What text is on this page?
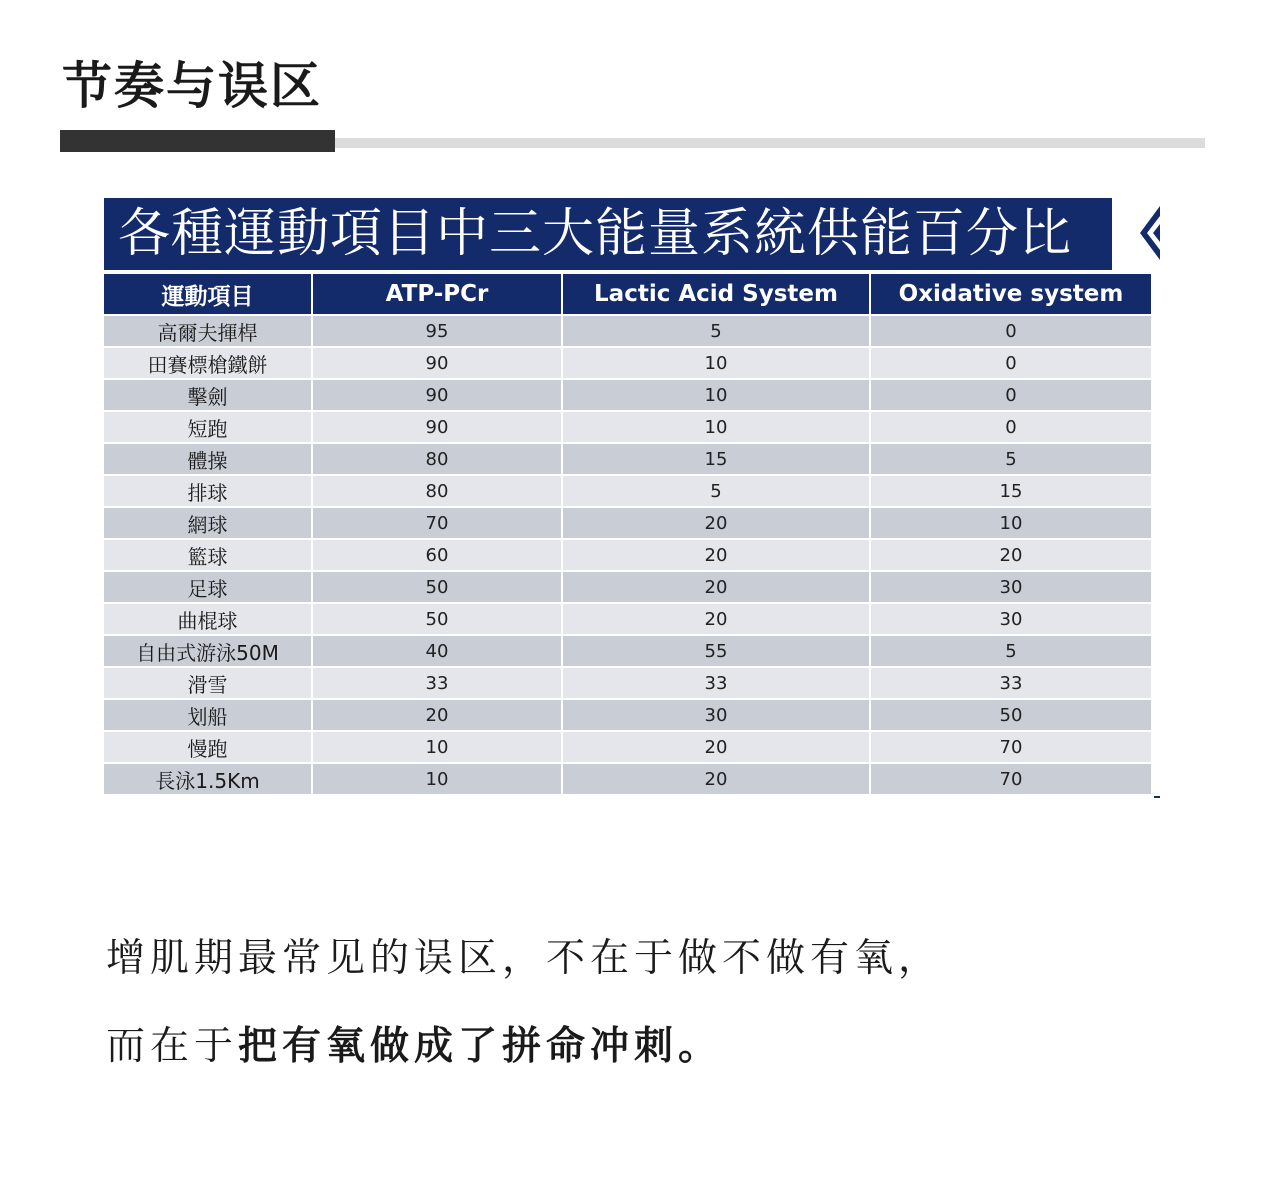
节奏与误区
各種運動項目中三大能量系統供能百分比
運動項目	ATP-PCr	Lactic Acid System	Oxidative system
高爾夫揮桿	95	5	0
田賽標槍鐵餅	90	10	0
擊劍	90	10	0
短跑	90	10	0
體操	80	15	5
排球	80	5	15
網球	70	20	10
籃球	60	20	20
足球	50	20	30
曲棍球	50	20	30
自由式游泳50M	40	55	5
滑雪	33	33	33
划船	20	30	50
慢跑	10	20	70
長泳1.5Km	10	20	70
增肌期最常见的误区，不在于做不做有氧，
而在于把有氧做成了拼命冲刺。
